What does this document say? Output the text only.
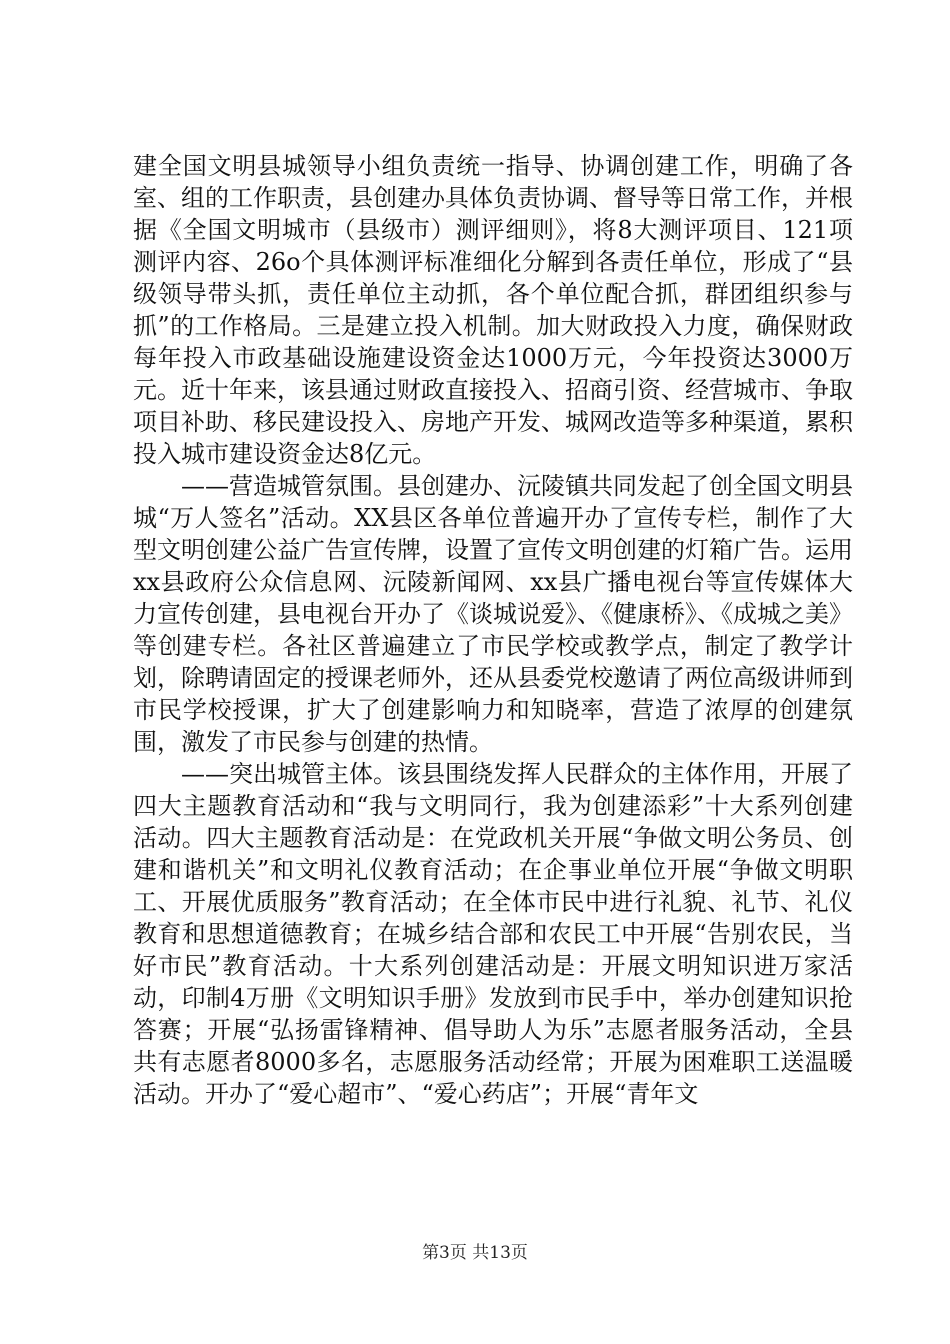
建全国文明县城领导小组负责统一指导、协调创建工作，明确了各室、组的工作职责，县创建办具体负责协调、督导等日常工作，并根据《全国文明城市（县级市）测评细则》，将8大测评项目、121项测评内容、26o个具体测评标准细化分解到各责任单位，形成了“县级领导带头抓，责任单位主动抓，各个单位配合抓，群团组织参与抓”的工作格局。三是建立投入机制。加大财政投入力度，确保财政每年投入市政基础设施建设资金达1000万元，今年投资达3000万元。近十年来，该县通过财政直接投入、招商引资、经营城市、争取项目补助、移民建设投入、房地产开发、城网改造等多种渠道，累积投入城市建设资金达8亿元。

——营造城管氛围。县创建办、沅陵镇共同发起了创全国文明县城“万人签名”活动。XX县区各单位普遍开办了宣传专栏，制作了大型文明创建公益广告宣传牌，设置了宣传文明创建的灯箱广告。运用xx县政府公众信息网、沅陵新闻网、xx县广播电视台等宣传媒体大力宣传创建，县电视台开办了《谈城说爱》、《健康桥》、《成城之美》等创建专栏。各社区普遍建立了市民学校或教学点，制定了教学计划，除聘请固定的授课老师外，还从县委党校邀请了两位高级讲师到市民学校授课，扩大了创建影响力和知晓率，营造了浓厚的创建氛围，激发了市民参与创建的热情。

——突出城管主体。该县围绕发挥人民群众的主体作用，开展了四大主题教育活动和“我与文明同行，我为创建添彩”十大系列创建活动。四大主题教育活动是：在党政机关开展“争做文明公务员、创建和谐机关”和文明礼仪教育活动；在企事业单位开展“争做文明职工、开展优质服务”教育活动；在全体市民中进行礼貌、礼节、礼仪教育和思想道德教育；在城乡结合部和农民工中开展“告别农民，当好市民”教育活动。十大系列创建活动是：开展文明知识进万家活动，印制4万册《文明知识手册》发放到市民手中，举办创建知识抢答赛；开展“弘扬雷锋精神、倡导助人为乐”志愿者服务活动，全县共有志愿者8000多名，志愿服务活动经常；开展为困难职工送温暖活动。开办了“爱心超市”、“爱心药店”；开展“青年文

第3页 共13页
